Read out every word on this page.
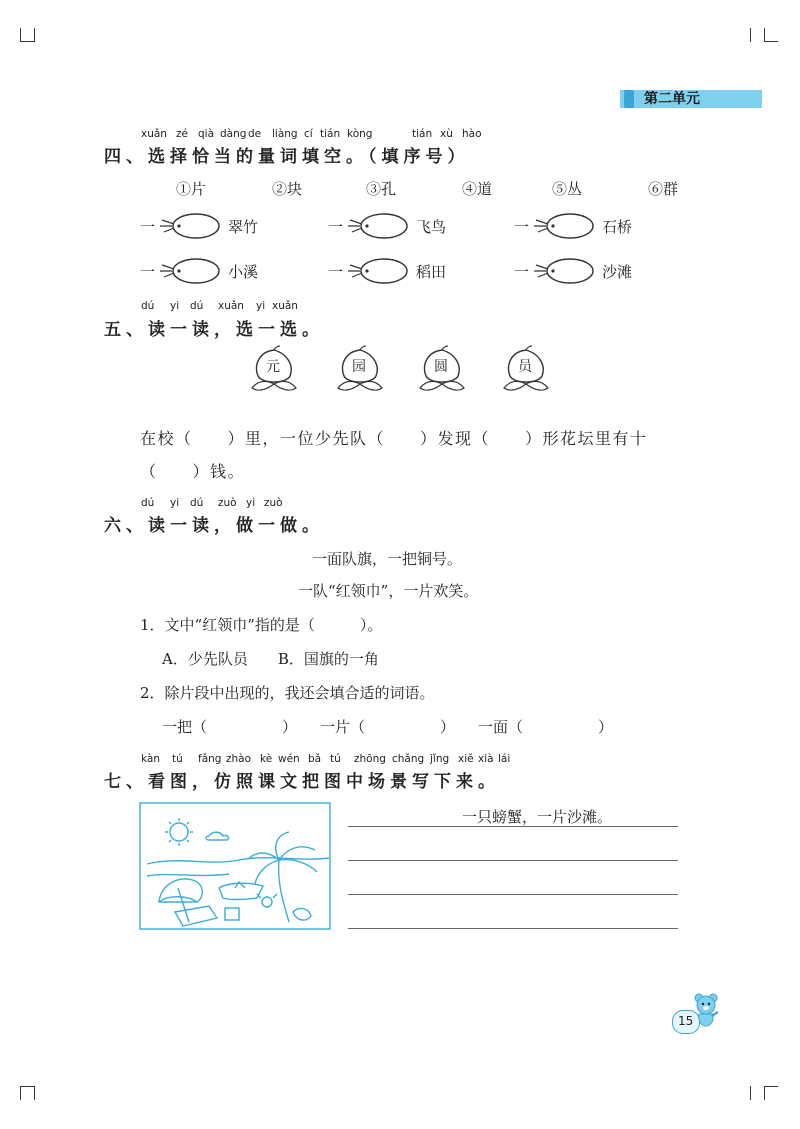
第二单元
xuǎn zé qià dàng de liàng cí tián kòng	tián xù hào
四、选择恰当的量词填空。（填序号）
①片	②块	③孔	④道	⑤丛	⑥群
一	翠竹	一	飞鸟	一	石桥
一	小溪	一	稻田	一	沙滩
dú yi dú xuǎn yi xuǎn
五、读一读，选一选。
元	园	圆	员
在校（　　）里，一位少先队（　　）发现（　　）形花坛里有十
（　　）钱。
dú yi dú zuò yi zuò
六、读一读，做一做。
一面队旗，一把铜号。
一队“红领巾”，一片欢笑。
1．文中“红领巾”指的是（　　　）。
A．少先队员　　B．国旗的一角
2．除片段中出现的，我还会填合适的词语。
一把（　　　　　） 一片（　　　　　） 一面（　　　　　）
kàn tú fǎng zhào kè wén bǎ tú zhōng chǎng jǐng xiě xià lái
七、看图，仿照课文把图中场景写下来。
一只螃蟹，一片沙滩。
15
